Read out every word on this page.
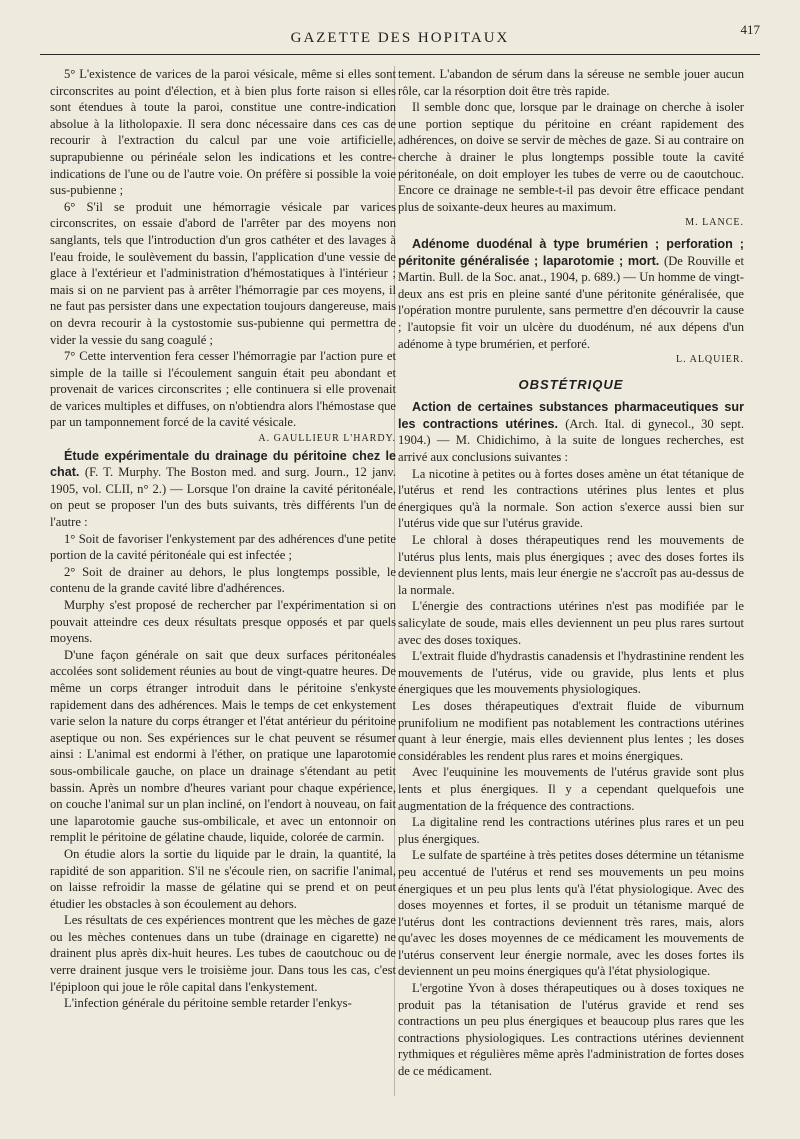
GAZETTE DES HOPITAUX
417

5° L'existence de varices de la paroi vésicale, même si elles sont circonscrites au point d'élection, et à bien plus forte raison si elles sont étendues à toute la paroi, constitue une contre-indication absolue à la litholopaxie. Il sera donc nécessaire dans ces cas de recourir à l'extraction du calcul par une voie artificielle, suprapubienne ou périnéale selon les indications et les contre-indications de l'une ou de l'autre voie. On préfère si possible la voie sus-pubienne ;

6° S'il se produit une hémorragie vésicale par varices circonscrites, on essaie d'abord de l'arrêter par des moyens non sanglants, tels que l'introduction d'un gros cathéter et des lavages à l'eau froide, le soulèvement du bassin, l'application d'une vessie de glace à l'extérieur et l'administration d'hémostatiques à l'intérieur ; mais si on ne parvient pas à arrêter l'hémorragie par ces moyens, il ne faut pas persister dans une expectation toujours dangereuse, mais on devra recourir à la cystostomie sus-pubienne qui permettra de vider la vessie du sang coagulé ;

7° Cette intervention fera cesser l'hémorragie par l'action pure et simple de la taille si l'écoulement sanguin était peu abondant et provenait de varices circonscrites ; elle continuera si elle provenait de varices multiples et diffuses, on n'obtiendra alors l'hémostase que par un tamponnement forcé de la cavité vésicale.

A. GAULLIEUR L'HARDY.

Étude expérimentale du drainage du péritoine chez le chat. (F. T. Murphy. The Boston med. and surg. Journ., 12 janv. 1905, vol. CLII, n° 2.) — Lorsque l'on draine la cavité péritonéale, on peut se proposer l'un des buts suivants, très différents l'un de l'autre :

1° Soit de favoriser l'enkystement par des adhérences d'une petite portion de la cavité péritonéale qui est infectée ;

2° Soit de drainer au dehors, le plus longtemps possible, le contenu de la grande cavité libre d'adhérences.

Murphy s'est proposé de rechercher par l'expérimentation si on pouvait atteindre ces deux résultats presque opposés et par quels moyens.

D'une façon générale on sait que deux surfaces péritonéales accolées sont solidement réunies au bout de vingt-quatre heures. De même un corps étranger introduit dans le péritoine s'enkyste rapidement dans des adhérences. Mais le temps de cet enkystement varie selon la nature du corps étranger et l'état antérieur du péritoine aseptique ou non. Ses expériences sur le chat peuvent se résumer ainsi : L'animal est endormi à l'éther, on pratique une laparotomie sous-ombilicale gauche, on place un drainage s'étendant au petit bassin. Après un nombre d'heures variant pour chaque expérience, on couche l'animal sur un plan incliné, on l'endort à nouveau, on fait une laparotomie gauche sus-ombilicale, et avec un entonnoir on remplit le péritoine de gélatine chaude, liquide, colorée de carmin.

On étudie alors la sortie du liquide par le drain, la quantité, la rapidité de son apparition. S'il ne s'écoule rien, on sacrifie l'animal, on laisse refroidir la masse de gélatine qui se prend et on peut étudier les obstacles à son écoulement au dehors.

Les résultats de ces expériences montrent que les mèches de gaze ou les mèches contenues dans un tube (drainage en cigarette) ne drainent plus après dix-huit heures. Les tubes de caoutchouc ou de verre drainent jusque vers le troisième jour. Dans tous les cas, c'est l'épiploon qui joue le rôle capital dans l'enkystement.

L'infection générale du péritoine semble retarder l'enkys-

tement. L'abandon de sérum dans la séreuse ne semble jouer aucun rôle, car la résorption doit être très rapide.

Il semble donc que, lorsque par le drainage on cherche à isoler une portion septique du péritoine en créant rapidement des adhérences, on doive se servir de mèches de gaze. Si au contraire on cherche à drainer le plus longtemps possible toute la cavité péritonéale, on doit employer les tubes de verre ou de caoutchouc. Encore ce drainage ne semble-t-il pas devoir être efficace pendant plus de soixante-deux heures au maximum.

M. LANCE.

Adénome duodénal à type brumérien ; perforation ; péritonite généralisée ; laparotomie ; mort. (De Rouville et Martin. Bull. de la Soc. anat., 1904, p. 689.) — Un homme de vingt-deux ans est pris en pleine santé d'une péritonite généralisée, que l'opération montre purulente, sans permettre d'en découvrir la cause ; l'autopsie fit voir un ulcère du duodénum, né aux dépens d'un adénome à type brumérien, et perforé.

L. ALQUIER.

OBSTÉTRIQUE

Action de certaines substances pharmaceutiques sur les contractions utérines. (Arch. Ital. di gynecol., 30 sept. 1904.) — M. Chidichimo, à la suite de longues recherches, est arrivé aux conclusions suivantes :

La nicotine à petites ou à fortes doses amène un état tétanique de l'utérus et rend les contractions utérines plus lentes et plus énergiques qu'à la normale. Son action s'exerce aussi bien sur l'utérus vide que sur l'utérus gravide.

Le chloral à doses thérapeutiques rend les mouvements de l'utérus plus lents, mais plus énergiques ; avec des doses fortes ils deviennent plus lents, mais leur énergie ne s'accroît pas au-dessus de la normale.

L'énergie des contractions utérines n'est pas modifiée par le salicylate de soude, mais elles deviennent un peu plus rares surtout avec des doses toxiques.

L'extrait fluide d'hydrastis canadensis et l'hydrastinine rendent les mouvements de l'utérus, vide ou gravide, plus lents et plus énergiques que les mouvements physiologiques.

Les doses thérapeutiques d'extrait fluide de viburnum prunifolium ne modifient pas notablement les contractions utérines quant à leur énergie, mais elles deviennent plus lentes ; les doses considérables les rendent plus rares et moins énergiques.

Avec l'euquinine les mouvements de l'utérus gravide sont plus lents et plus énergiques. Il y a cependant quelquefois une augmentation de la fréquence des contractions.

La digitaline rend les contractions utérines plus rares et un peu plus énergiques.

Le sulfate de spartéine à très petites doses détermine un tétanisme peu accentué de l'utérus et rend ses mouvements un peu moins énergiques et un peu plus lents qu'à l'état physiologique. Avec des doses moyennes et fortes, il se produit un tétanisme marqué de l'utérus dont les contractions deviennent très rares, mais, alors qu'avec les doses moyennes de ce médicament les mouvements de l'utérus conservent leur énergie normale, avec les doses fortes ils deviennent un peu moins énergiques qu'à l'état physiologique.

L'ergotine Yvon à doses thérapeutiques ou à doses toxiques ne produit pas la tétanisation de l'utérus gravide et rend ses contractions un peu plus énergiques et beaucoup plus rares que les contractions physiologiques. Les contractions utérines deviennent rythmiques et régulières même après l'administration de fortes doses de ce médicament.
